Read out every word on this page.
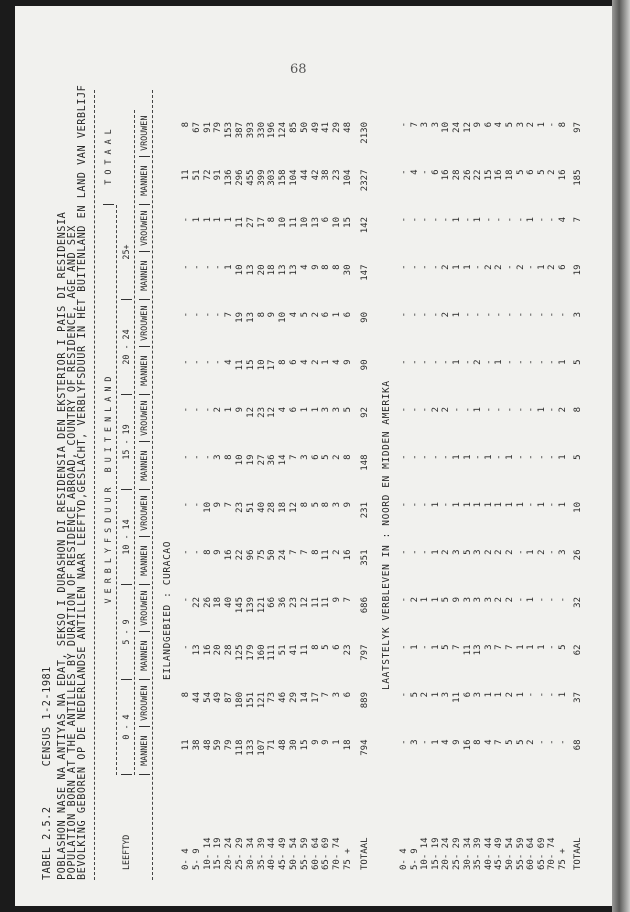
68
TABEL 2.5.2      CENSUS 1-2-1981 POBLASHON NASE NA ANTIYAS NA EDAT, SEKSO I DURASHON DI RESIDENSIA DEN EKSTERIOR I PAIS DI RESIDENSIA POPULATION BORN AT THE ANTILLES BY DURATION OF RESIDENCE ABROAD, COUNTRY OF RESIDENCE, AGE AND SEX BEVOLKING GEBOREN OP DE NEDERLANDSE ANTILLEN NAAR LEEFTYD,GESLACHT, VERBLYFSDUUR IN HET BUITENLAND EN LAND VAN VERBLIJF V E R B L Y F S D U U R   B U I T E N L A N D
T O T A A L
LEEFTYD
0 - 4
5 - 9
10 - 14
15 - 19
20 - 24
25+
MANNEN
VROUWEN
MANNEN
VROUWEN
MANNEN
VROUWEN
MANNEN
VROUWEN
MANNEN
VROUWEN
MANNEN
VROUWEN
MANNEN
VROUWEN
EILANDGEBIED : CURACAO
0- 4
11
8
-
-
-
-
-
-
-
-
-
-
11
8
5- 9
38
44
13
22
-
-
-
-
-
-
-
1
51
67
10- 14
48
54
16
26
8
10
-
-
-
-
-
1
72
91
15- 19
59
49
20
18
9
9
3
2
-
-
-
1
91
79
20- 24
79
87
28
40
16
7
8
1
4
7
1
1
136
153
25- 29
118
180
125
145
22
23
10
9
11
19
10
11
296
387
30- 34
133
151
179
139
96
51
19
12
15
13
13
27
455
393
35- 39
107
121
160
121
75
40
27
23
10
8
20
17
399
330
40- 44
71
73
111
66
50
28
36
12
17
9
18
8
303
196
45- 49
48
46
51
36
24
18
14
4
8
10
13
10
158
124
50- 54
30
29
41
23
7
12
7
6
6
4
13
11
104
85
55- 59
15
14
11
12
7
8
3
1
4
5
4
10
44
50
60- 64
9
17
8
11
8
5
6
1
2
2
9
13
42
49
65- 69
9
7
5
11
11
8
5
3
1
6
8
6
38
41
70- 74
1
3
6
9
2
3
2
3
4
1
8
10
23
29
75 +
18
6
23
7
16
9
8
5
9
6
30
15
104
48
TOTAAL
794
889
797
686
351
231
148
92
90
90
147
142
2327
2130
LAATSTELYK VERBLEVEN IN : NOORD EN MIDDEN AMERIKA
0- 4
-
-
-
-
-
-
-
-
-
-
-
-
-
-
5- 9
3
5
1
2
-
-
-
-
-
-
-
-
4
7
10- 14
-
2
-
1
-
-
-
-
-
-
-
-
-
3
15- 19
1
1
1
1
1
1
-
2
-
-
-
-
6
3
20- 24
4
3
5
5
2
-
-
2
-
2
2
-
16
10
25- 29
9
11
7
9
3
1
1
-
1
1
1
1
28
24
30- 34
16
6
11
3
5
1
1
-
-
-
1
-
26
12
35- 39
8
3
13
3
3
1
-
1
2
-
-
1
22
9
40- 44
4
1
3
3
2
1
1
-
-
-
2
-
15
6
45- 49
7
1
7
2
2
1
-
-
1
-
2
-
16
4
50- 54
5
2
7
2
2
1
1
-
-
-
-
-
18
5
55- 59
5
1
1
-
-
1
-
-
-
-
2
-
5
3
60- 64
2
-
1
1
1
-
-
-
-
-
-
1
6
2
65- 69
-
-
1
-
2
1
-
1
-
-
1
-
5
1
70- 74
-
-
-
-
-
-
-
-
-
-
2
-
2
-
75 +
-
1
5
-
3
1
1
2
1
-
6
4
16
8
TOTAAL
68
37
62
32
26
10
5
8
5
3
19
7
185
97
